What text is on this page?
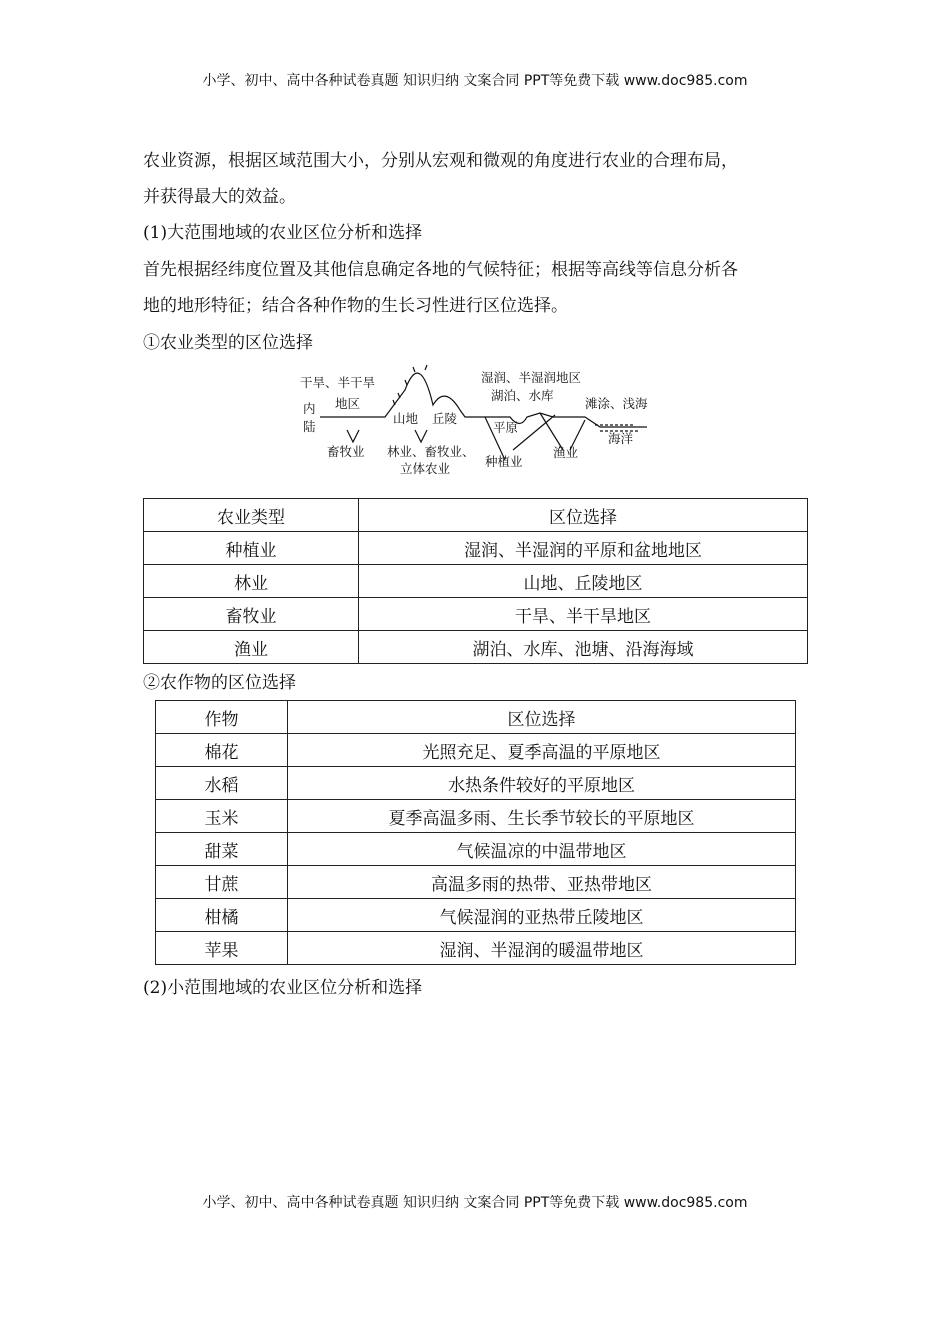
小学、初中、高中各种试卷真题 知识归纳 文案合同 PPT等免费下载 www.doc985.com
农业资源，根据区域范围大小，分别从宏观和微观的角度进行农业的合理布局，
并获得最大的效益。
(1)大范围地域的农业区位分析和选择
首先根据经纬度位置及其他信息确定各地的气候特征；根据等高线等信息分析各
地的地形特征；结合各种作物的生长习性进行区位选择。
①农业类型的区位选择
干旱、半干旱
地区
内
陆
山地 丘陵
湿润、半湿润地区
湖泊、水库
平原
滩涂、浅海
海洋
畜牧业 林业、畜牧业、
立体农业	种植业
渔业
农业类型	区位选择
种植业	湿润、半湿润的平原和盆地地区
林业	山地、丘陵地区
畜牧业	干旱、半干旱地区
渔业	湖泊、水库、池塘、沿海海域
②农作物的区位选择
作物	区位选择
棉花	光照充足、夏季高温的平原地区
水稻	水热条件较好的平原地区
玉米	夏季高温多雨、生长季节较长的平原地区
甜菜	气候温凉的中温带地区
甘蔗	高温多雨的热带、亚热带地区
柑橘	气候湿润的亚热带丘陵地区
苹果	湿润、半湿润的暖温带地区
(2)小范围地域的农业区位分析和选择
小学、初中、高中各种试卷真题 知识归纳 文案合同 PPT等免费下载 www.doc985.com
